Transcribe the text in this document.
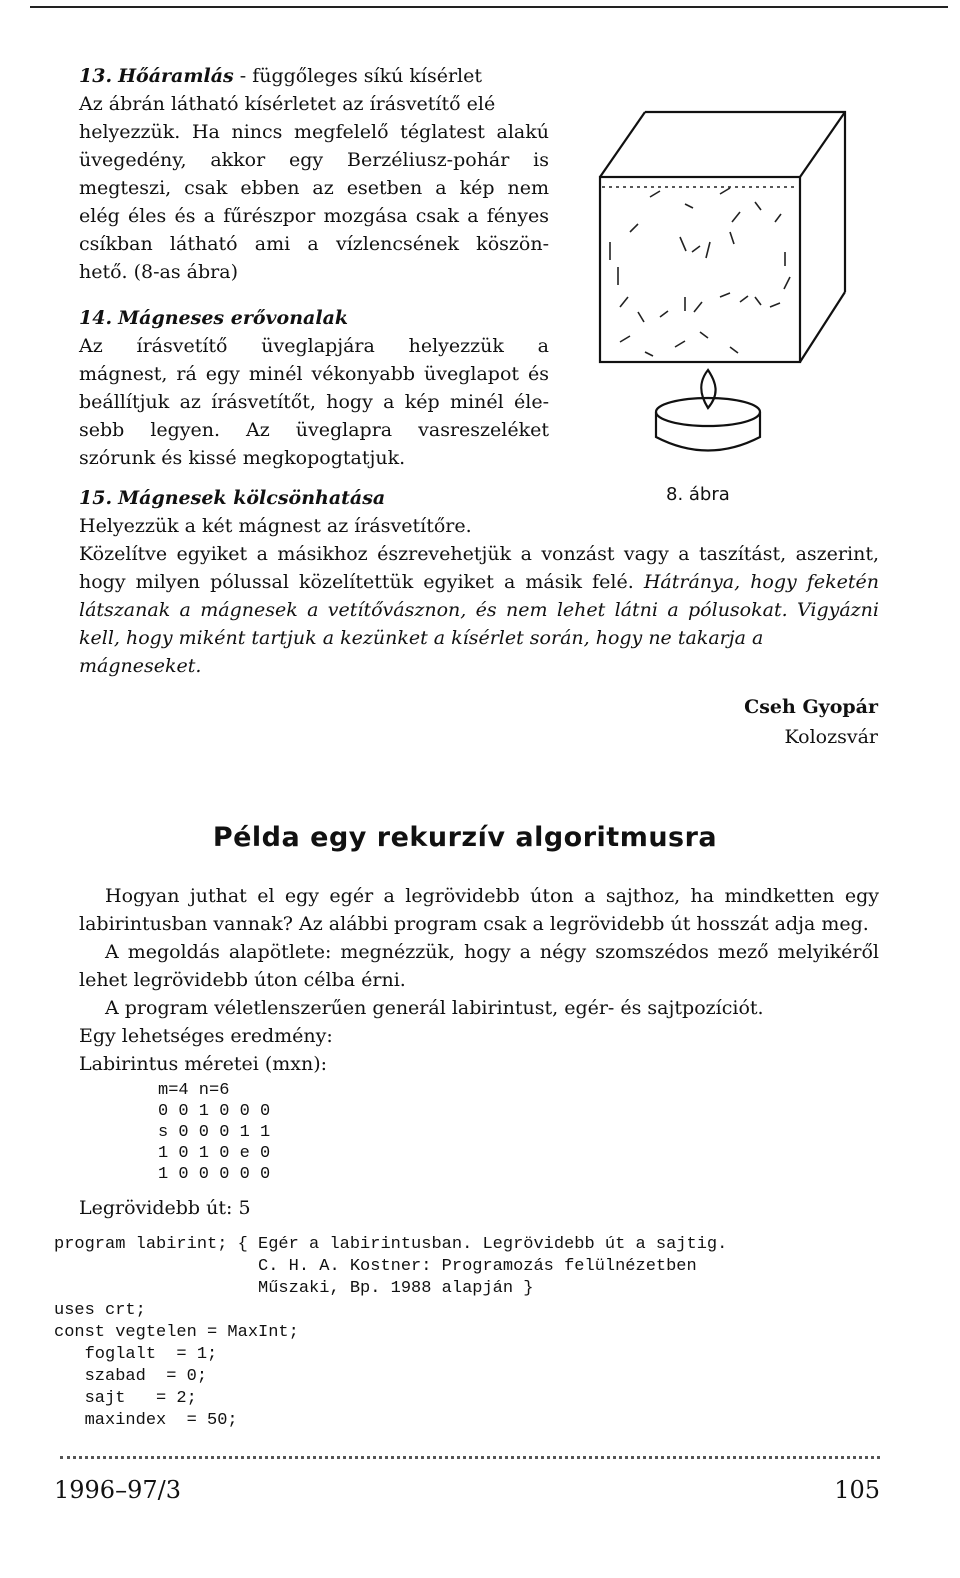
13. Hőáramlás - függőleges síkú kísérlet

Az ábrán látható kísérletet az írásvetítő elé

helyezzük. Ha nincs megfelelő téglatest alakú

üvegedény, akkor egy Berzéliusz-pohár is

megteszi, csak ebben az esetben a kép nem

elég éles és a fűrészpor mozgása csak a fényes

csíkban látható ami a vízlencsének köszön-

hető. (8-as ábra)

14. Mágneses erővonalak

Az írásvetítő üveglapjára helyezzük a

mágnest, rá egy minél vékonyabb üveglapot és

beállítjuk az írásvetítőt, hogy a kép minél éle-

sebb legyen. Az üveglapra vasreszeléket

szórunk és kissé megkopogtatjuk.

8. ábra

15. Mágnesek kölcsönhatása

Helyezzük a két mágnest az írásvetítőre.

Közelítve egyiket a másikhoz észrevehetjük a vonzást vagy a taszítást, aszerint,

hogy milyen pólussal közelítettük egyiket a másik felé. Hátránya, hogy feketén

látszanak a mágnesek a vetítővásznon, és nem lehet látni a pólusokat. Vigyázni

kell, hogy miként tartjuk a kezünket a kísérlet során, hogy ne takarja a mágneseket.

Cseh Gyopár
Kolozsvár
Példa egy rekurzív algoritmusra

Hogyan juthat el egy egér a legrövidebb úton a sajthoz, ha mindketten egy

labirintusban vannak? Az alábbi program csak a legrövidebb út hosszát adja meg.

A megoldás alapötlete: megnézzük, hogy a négy szomszédos mező melyikéről

lehet legrövidebb úton célba érni.

A program véletlenszerűen generál labirintust, egér- és sajtpozíciót.

Egy lehetséges eredmény:

Labirintus méretei (mxn):

m=4 n=6
0 0 1 0 0 0
s 0 0 0 1 1
1 0 1 0 e 0
1 0 0 0 0 0
Legrövidebb út: 5
program labirint; { Egér a labirintusban. Legrövidebb út a sajtig.
C. H. A. Kostner: Programozás felülnézetben
Műszaki, Bp. 1988 alapján }
uses crt;
const vegtelen = MaxInt;
foglalt  = 1;
szabad  = 0;
sajt   = 2;
maxindex  = 50;
1996–97/3	105
